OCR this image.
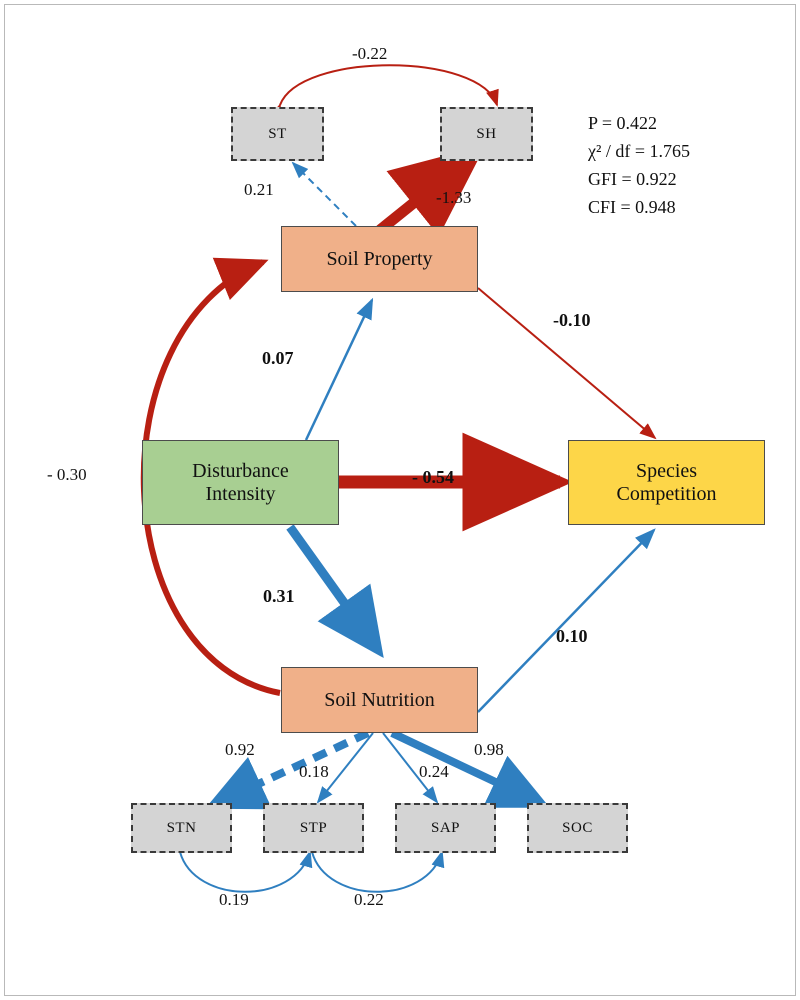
ST	SH
STN	STP	SAP	SOC
Soil Property
Disturbance
Intensity
Species
Competition
Soil Nutrition
-0.22
0.21	-1.33
-0.10
0.07
- 0.54
0.31
- 0.30
0.10
0.92
0.18	0.24
0.98
0.19	0.22
P = 0.422
χ² / df = 1.765
GFI = 0.922
CFI = 0.948
